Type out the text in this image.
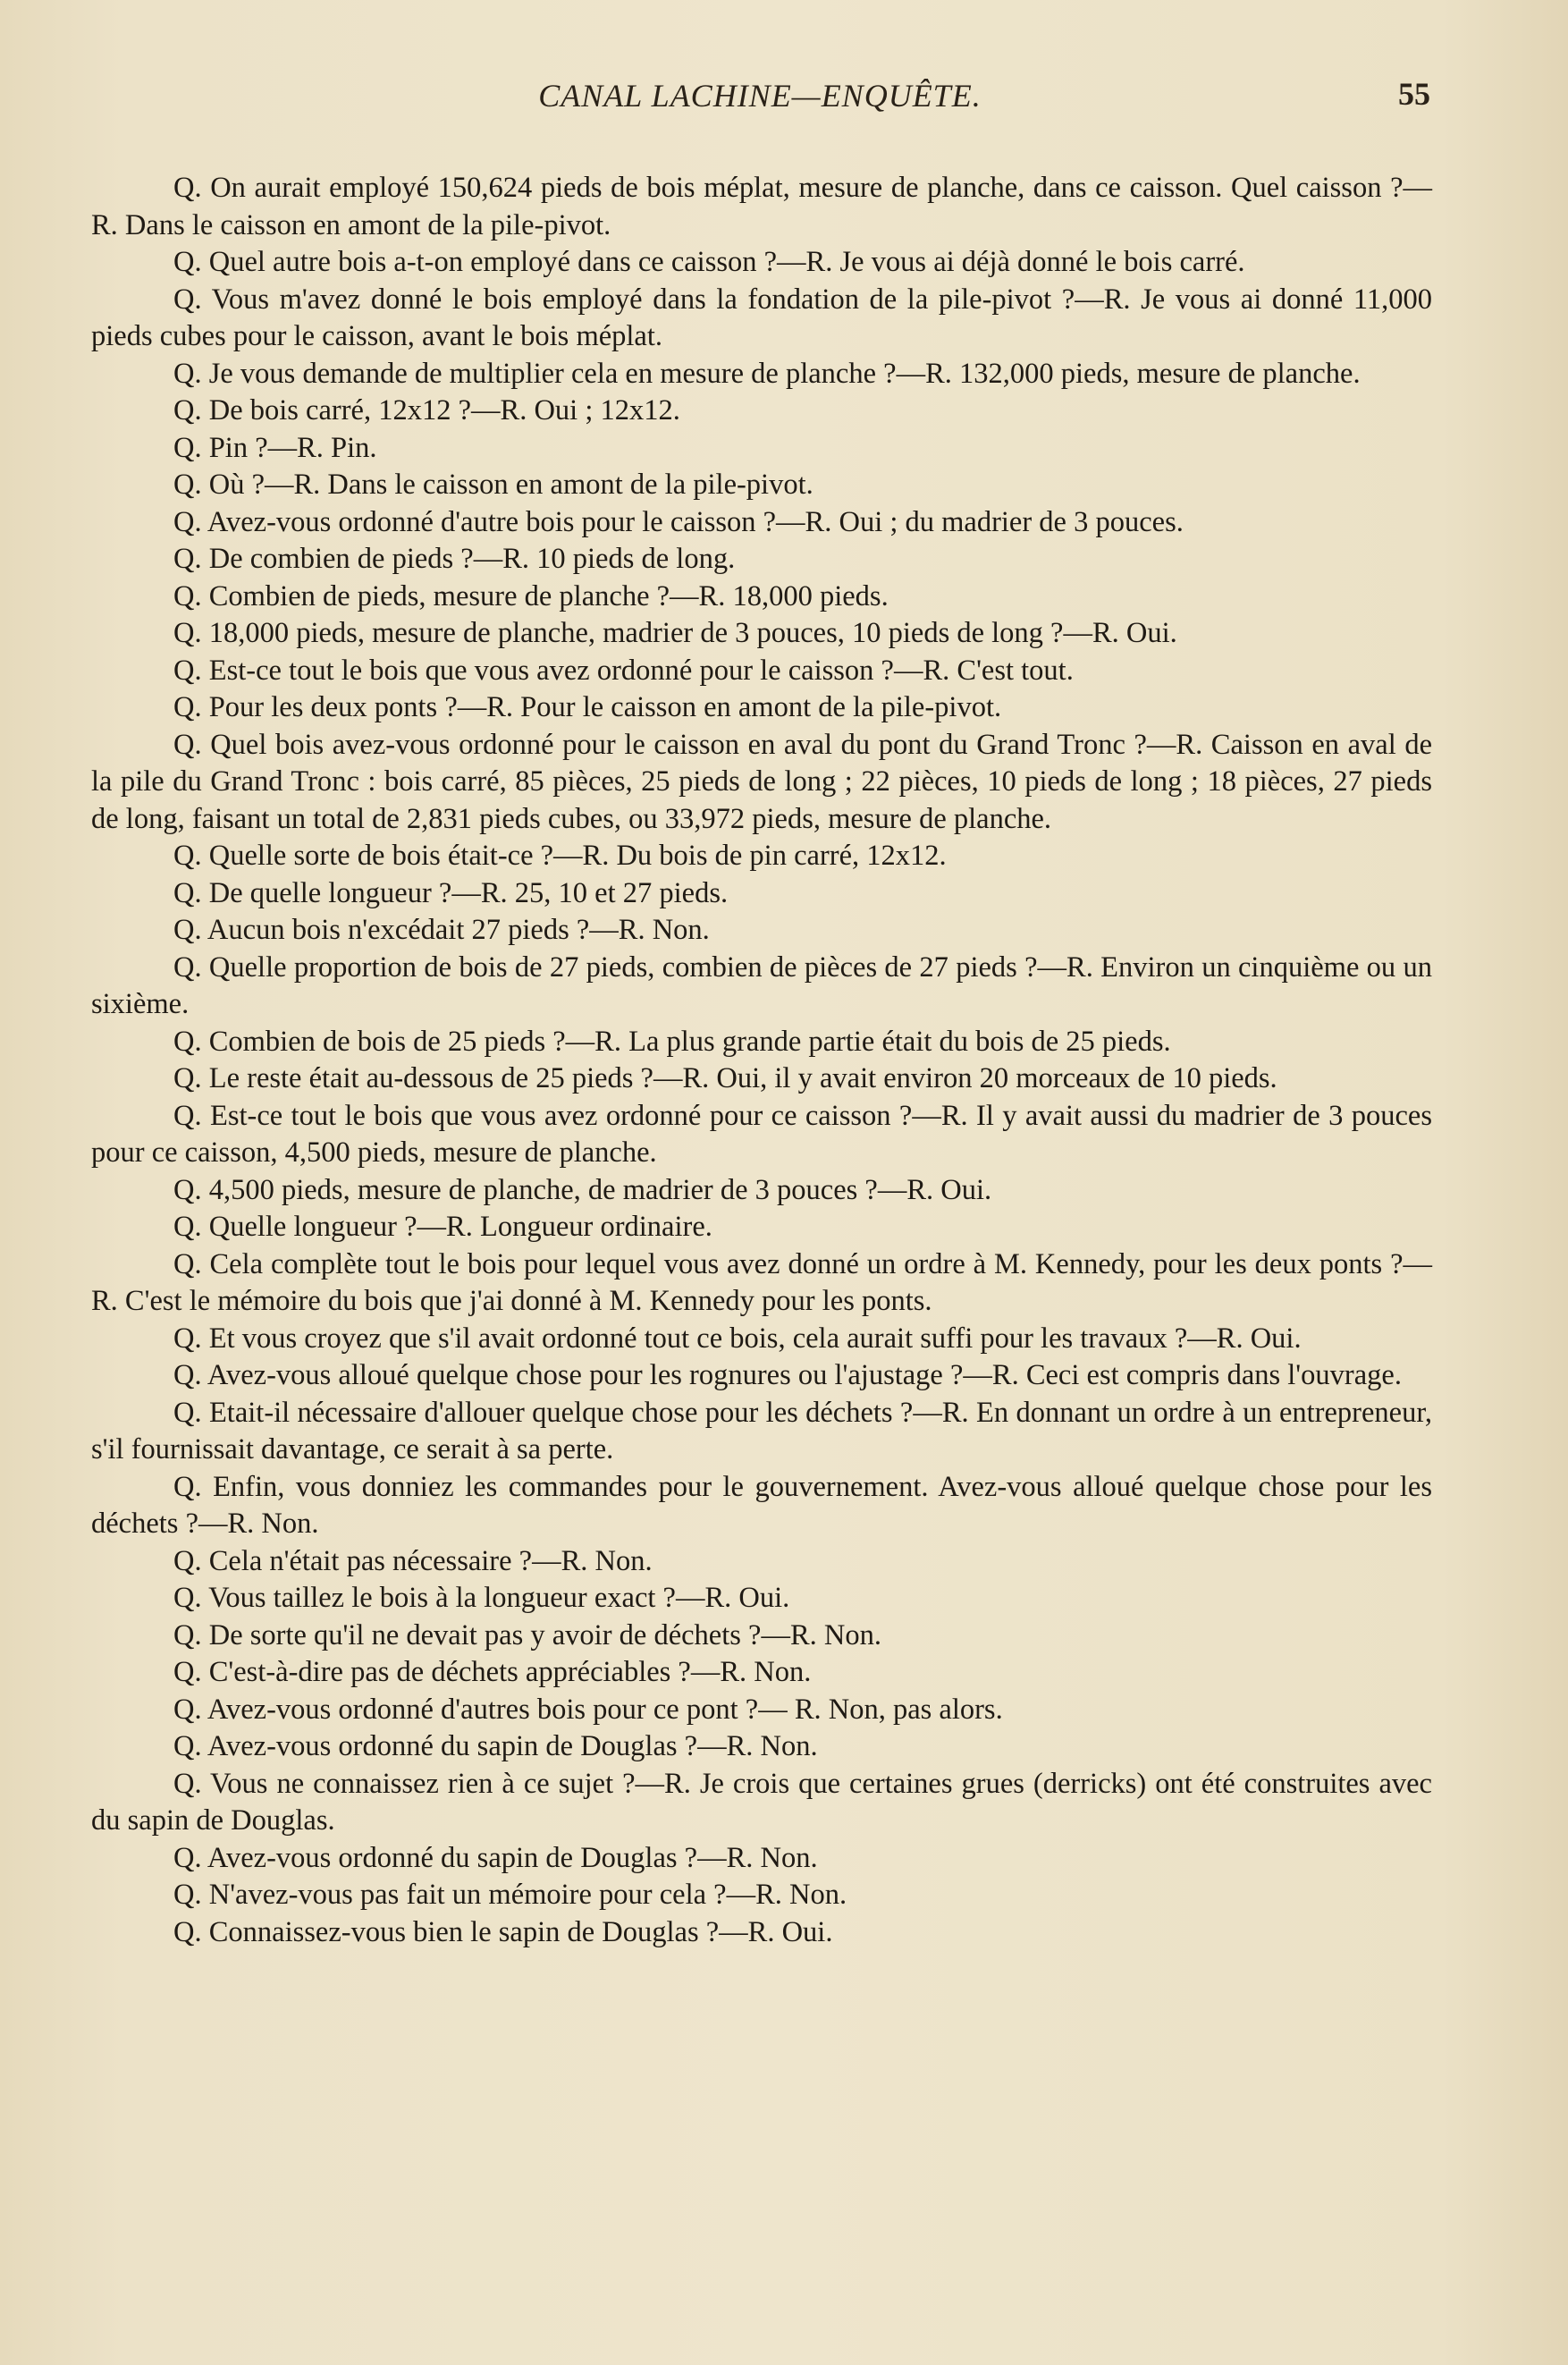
CANAL LACHINE—ENQUÊTE.	55

Q. On aurait employé 150,624 pieds de bois méplat, mesure de planche, dans ce caisson. Quel caisson ?—R. Dans le caisson en amont de la pile-pivot.

Q. Quel autre bois a-t-on employé dans ce caisson ?—R. Je vous ai déjà donné le bois carré.

Q. Vous m'avez donné le bois employé dans la fondation de la pile-pivot ?—R. Je vous ai donné 11,000 pieds cubes pour le caisson, avant le bois méplat.

Q. Je vous demande de multiplier cela en mesure de planche ?—R. 132,000 pieds, mesure de planche.

Q. De bois carré, 12x12 ?—R. Oui ; 12x12.

Q. Pin ?—R. Pin.

Q. Où ?—R. Dans le caisson en amont de la pile-pivot.

Q. Avez-vous ordonné d'autre bois pour le caisson ?—R. Oui ; du madrier de 3 pouces.

Q. De combien de pieds ?—R. 10 pieds de long.

Q. Combien de pieds, mesure de planche ?—R. 18,000 pieds.

Q. 18,000 pieds, mesure de planche, madrier de 3 pouces, 10 pieds de long ?—R. Oui.

Q. Est-ce tout le bois que vous avez ordonné pour le caisson ?—R. C'est tout.

Q. Pour les deux ponts ?—R. Pour le caisson en amont de la pile-pivot.

Q. Quel bois avez-vous ordonné pour le caisson en aval du pont du Grand Tronc ?—R. Caisson en aval de la pile du Grand Tronc : bois carré, 85 pièces, 25 pieds de long ; 22 pièces, 10 pieds de long ; 18 pièces, 27 pieds de long, faisant un total de 2,831 pieds cubes, ou 33,972 pieds, mesure de planche.

Q. Quelle sorte de bois était-ce ?—R. Du bois de pin carré, 12x12.

Q. De quelle longueur ?—R. 25, 10 et 27 pieds.

Q. Aucun bois n'excédait 27 pieds ?—R. Non.

Q. Quelle proportion de bois de 27 pieds, combien de pièces de 27 pieds ?—R. Environ un cinquième ou un sixième.

Q. Combien de bois de 25 pieds ?—R. La plus grande partie était du bois de 25 pieds.

Q. Le reste était au-dessous de 25 pieds ?—R. Oui, il y avait environ 20 morceaux de 10 pieds.

Q. Est-ce tout le bois que vous avez ordonné pour ce caisson ?—R. Il y avait aussi du madrier de 3 pouces pour ce caisson, 4,500 pieds, mesure de planche.

Q. 4,500 pieds, mesure de planche, de madrier de 3 pouces ?—R. Oui.

Q. Quelle longueur ?—R. Longueur ordinaire.

Q. Cela complète tout le bois pour lequel vous avez donné un ordre à M. Kennedy, pour les deux ponts ?—R. C'est le mémoire du bois que j'ai donné à M. Kennedy pour les ponts.

Q. Et vous croyez que s'il avait ordonné tout ce bois, cela aurait suffi pour les travaux ?—R. Oui.

Q. Avez-vous alloué quelque chose pour les rognures ou l'ajustage ?—R. Ceci est compris dans l'ouvrage.

Q. Etait-il nécessaire d'allouer quelque chose pour les déchets ?—R. En donnant un ordre à un entrepreneur, s'il fournissait davantage, ce serait à sa perte.

Q. Enfin, vous donniez les commandes pour le gouvernement. Avez-vous alloué quelque chose pour les déchets ?—R. Non.

Q. Cela n'était pas nécessaire ?—R. Non.

Q. Vous taillez le bois à la longueur exact ?—R. Oui.

Q. De sorte qu'il ne devait pas y avoir de déchets ?—R. Non.

Q. C'est-à-dire pas de déchets appréciables ?—R. Non.

Q. Avez-vous ordonné d'autres bois pour ce pont ?— R. Non, pas alors.

Q. Avez-vous ordonné du sapin de Douglas ?—R. Non.

Q. Vous ne connaissez rien à ce sujet ?—R. Je crois que certaines grues (derricks) ont été construites avec du sapin de Douglas.

Q. Avez-vous ordonné du sapin de Douglas ?—R. Non.

Q. N'avez-vous pas fait un mémoire pour cela ?—R. Non.

Q. Connaissez-vous bien le sapin de Douglas ?—R. Oui.
